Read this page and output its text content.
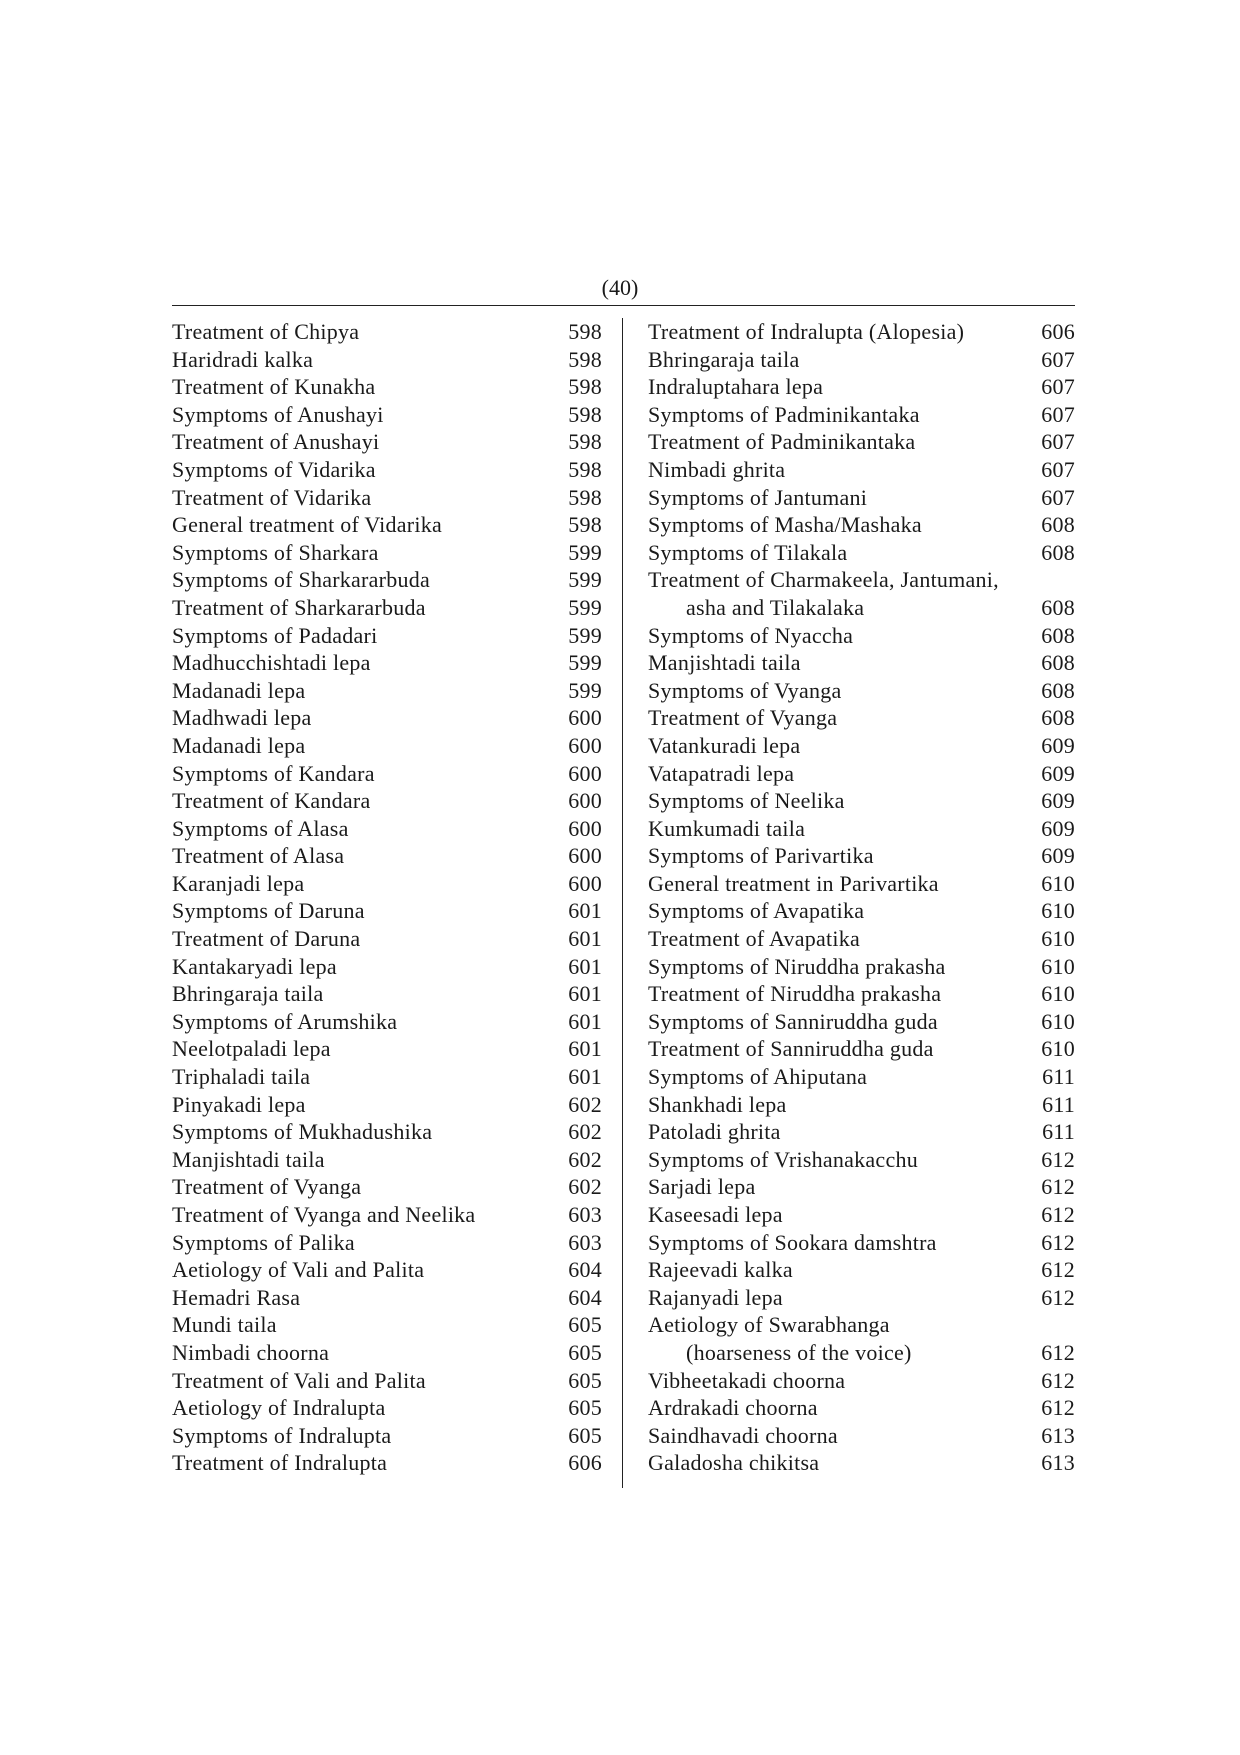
(40)
Treatment of Chipya	598
Haridradi kalka	598
Treatment of Kunakha	598
Symptoms of Anushayi	598
Treatment of Anushayi	598
Symptoms of Vidarika	598
Treatment of Vidarika	598
General treatment of Vidarika	598
Symptoms of Sharkara	599
Symptoms of Sharkararbuda	599
Treatment of Sharkararbuda	599
Symptoms of Padadari	599
Madhucchishtadi lepa	599
Madanadi lepa	599
Madhwadi lepa	600
Madanadi lepa	600
Symptoms of Kandara	600
Treatment of Kandara	600
Symptoms of Alasa	600
Treatment of Alasa	600
Karanjadi lepa	600
Symptoms of Daruna	601
Treatment of Daruna	601
Kantakaryadi lepa	601
Bhringaraja taila	601
Symptoms of Arumshika	601
Neelotpaladi lepa	601
Triphaladi taila	601
Pinyakadi lepa	602
Symptoms of Mukhadushika	602
Manjishtadi taila	602
Treatment of Vyanga	602
Treatment of Vyanga and Neelika	603
Symptoms of Palika	603
Aetiology of Vali and Palita	604
Hemadri Rasa	604
Mundi taila	605
Nimbadi choorna	605
Treatment of Vali and Palita	605
Aetiology of Indralupta	605
Symptoms of Indralupta	605
Treatment of Indralupta	606
Treatment of Indralupta (Alopesia)	606
Bhringaraja taila	607
Indraluptahara lepa	607
Symptoms of Padminikantaka	607
Treatment of Padminikantaka	607
Nimbadi ghrita	607
Symptoms of Jantumani	607
Symptoms of Masha/Mashaka	608
Symptoms of Tilakala	608
Treatment of Charmakeela, Jantumani,
asha and Tilakalaka	608
Symptoms of Nyaccha	608
Manjishtadi taila	608
Symptoms of Vyanga	608
Treatment of Vyanga	608
Vatankuradi lepa	609
Vatapatradi lepa	609
Symptoms of Neelika	609
Kumkumadi taila	609
Symptoms of Parivartika	609
General treatment in Parivartika	610
Symptoms of Avapatika	610
Treatment of Avapatika	610
Symptoms of Niruddha prakasha	610
Treatment of Niruddha prakasha	610
Symptoms of Sanniruddha guda	610
Treatment of Sanniruddha guda	610
Symptoms of Ahiputana	611
Shankhadi lepa	611
Patoladi ghrita	611
Symptoms of Vrishanakacchu	612
Sarjadi lepa	612
Kaseesadi lepa	612
Symptoms of Sookara damshtra	612
Rajeevadi kalka	612
Rajanyadi lepa	612
Aetiology of Swarabhanga
(hoarseness of the voice)	612
Vibheetakadi choorna	612
Ardrakadi choorna	612
Saindhavadi choorna	613
Galadosha chikitsa	613
